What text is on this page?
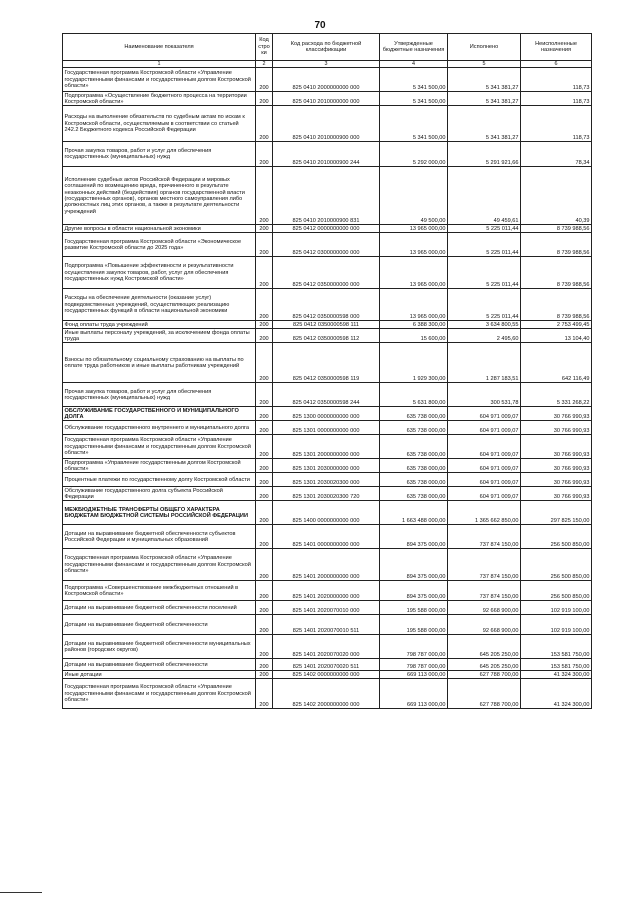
70
Наименование показателя	Код стро ки	Код расхода по бюджетной классификации	Утвержденные бюджетные назначения	Исполнено	Неисполненные назначения
1	2	3	4	5	6
Государственная программа Костромской области «Управление государственными финансами и государственным долгом Костромской области»	200	825 0410 2000000000 000	5 341 500,00	5 341 381,27	118,73
Подпрограмма «Осуществление бюджетного процесса на территории Костромской области»	200	825 0410 2010000000 000	5 341 500,00	5 341 381,27	118,73
Расходы на выполнение обязательств по судебным актам по искам к Костромской области, осуществляемым в соответствии со статьей 242.2 Бюджетного кодекса Российской Федерации	200	825 0410 2010000900 000	5 341 500,00	5 341 381,27	118,73
Прочая закупка товаров, работ и услуг для обеспечения государственных (муниципальных) нужд	200	825 0410 2010000900 244	5 292 000,00	5 291 921,66	78,34
Исполнение судебных актов Российской Федерации и мировых соглашений по возмещению вреда, причиненного в результате незаконных действий (бездействия) органов государственной власти (государственных органов), органов местного самоуправления либо должностных лиц этих органов, а также в результате деятельности учреждений	200	825 0410 2010000900 831	49 500,00	49 459,61	40,39
Другие вопросы в области национальной экономики	200	825 0412 0000000000 000	13 965 000,00	5 225 011,44	8 739 988,56
Государственная программа Костромской области «Экономическое развитие Костромской области до 2025 года»	200	825 0412 0300000000 000	13 965 000,00	5 225 011,44	8 739 988,56
Подпрограмма «Повышение эффективности и результативности осуществления закупок товаров, работ, услуг для обеспечения государственных нужд Костромской области»	200	825 0412 0350000000 000	13 965 000,00	5 225 011,44	8 739 988,56
Расходы на обеспечение деятельности (оказание услуг) подведомственных учреждений, осуществляющих реализацию государственных функций в области национальной экономики	200	825 0412 0350000598 000	13 965 000,00	5 225 011,44	8 739 988,56
Фонд оплаты труда учреждений	200	825 0412 0350000598 111	6 388 300,00	3 634 800,55	2 753 499,45
Иные выплаты персоналу учреждений, за исключением фонда оплаты труда	200	825 0412 0350000598 112	15 600,00	2 495,60	13 104,40
Взносы по обязательному социальному страхованию на выплаты по оплате труда работников и иные выплаты работникам учреждений	200	825 0412 0350000598 119	1 929 300,00	1 287 183,51	642 116,49
Прочая закупка товаров, работ и услуг для обеспечения государственных (муниципальных) нужд	200	825 0412 0350000598 244	5 631 800,00	300 531,78	5 331 268,22
ОБСЛУЖИВАНИЕ ГОСУДАРСТВЕННОГО И МУНИЦИПАЛЬНОГО ДОЛГА	200	825 1300 0000000000 000	635 738 000,00	604 971 009,07	30 766 990,93
Обслуживание государственного внутреннего и муниципального долга	200	825 1301 0000000000 000	635 738 000,00	604 971 009,07	30 766 990,93
Государственная программа Костромской области «Управление государственными финансами и государственным долгом Костромской области»	200	825 1301 2000000000 000	635 738 000,00	604 971 009,07	30 766 990,93
Подпрограмма «Управление государственным долгом Костромской области»	200	825 1301 2030000000 000	635 738 000,00	604 971 009,07	30 766 990,93
Процентные платежи по государственному долгу Костромской области	200	825 1301 2030020300 000	635 738 000,00	604 971 009,07	30 766 990,93
Обслуживание государственного долга субъекта Российской Федерации	200	825 1301 2030020300 720	635 738 000,00	604 971 009,07	30 766 990,93
МЕЖБЮДЖЕТНЫЕ ТРАНСФЕРТЫ ОБЩЕГО ХАРАКТЕРА БЮДЖЕТАМ БЮДЖЕТНОЙ СИСТЕМЫ РОССИЙСКОЙ ФЕДЕРАЦИИ	200	825 1400 0000000000 000	1 663 488 000,00	1 365 662 850,00	297 825 150,00
Дотации на выравнивание бюджетной обеспеченности субъектов Российской Федерации и муниципальных образований	200	825 1401 0000000000 000	894 375 000,00	737 874 150,00	256 500 850,00
Государственная программа Костромской области «Управление государственными финансами и государственным долгом Костромской области»	200	825 1401 2000000000 000	894 375 000,00	737 874 150,00	256 500 850,00
Подпрограмма «Совершенствование межбюджетных отношений в Костромской области»	200	825 1401 2020000000 000	894 375 000,00	737 874 150,00	256 500 850,00
Дотации на выравнивание бюджетной обеспеченности поселений	200	825 1401 2020070010 000	195 588 000,00	92 668 900,00	102 919 100,00
Дотации на выравнивание бюджетной обеспеченности	200	825 1401 2020070010 511	195 588 000,00	92 668 900,00	102 919 100,00
Дотации на выравнивание бюджетной обеспеченности муниципальных районов (городских округов)	200	825 1401 2020070020 000	798 787 000,00	645 205 250,00	153 581 750,00
Дотации на выравнивание бюджетной обеспеченности	200	825 1401 2020070020 511	798 787 000,00	645 205 250,00	153 581 750,00
Иные дотации	200	825 1402 0000000000 000	669 113 000,00	627 788 700,00	41 324 300,00
Государственная программа Костромской области «Управление государственными финансами и государственным долгом Костромской области»	200	825 1402 2000000000 000	669 113 000,00	627 788 700,00	41 324 300,00
